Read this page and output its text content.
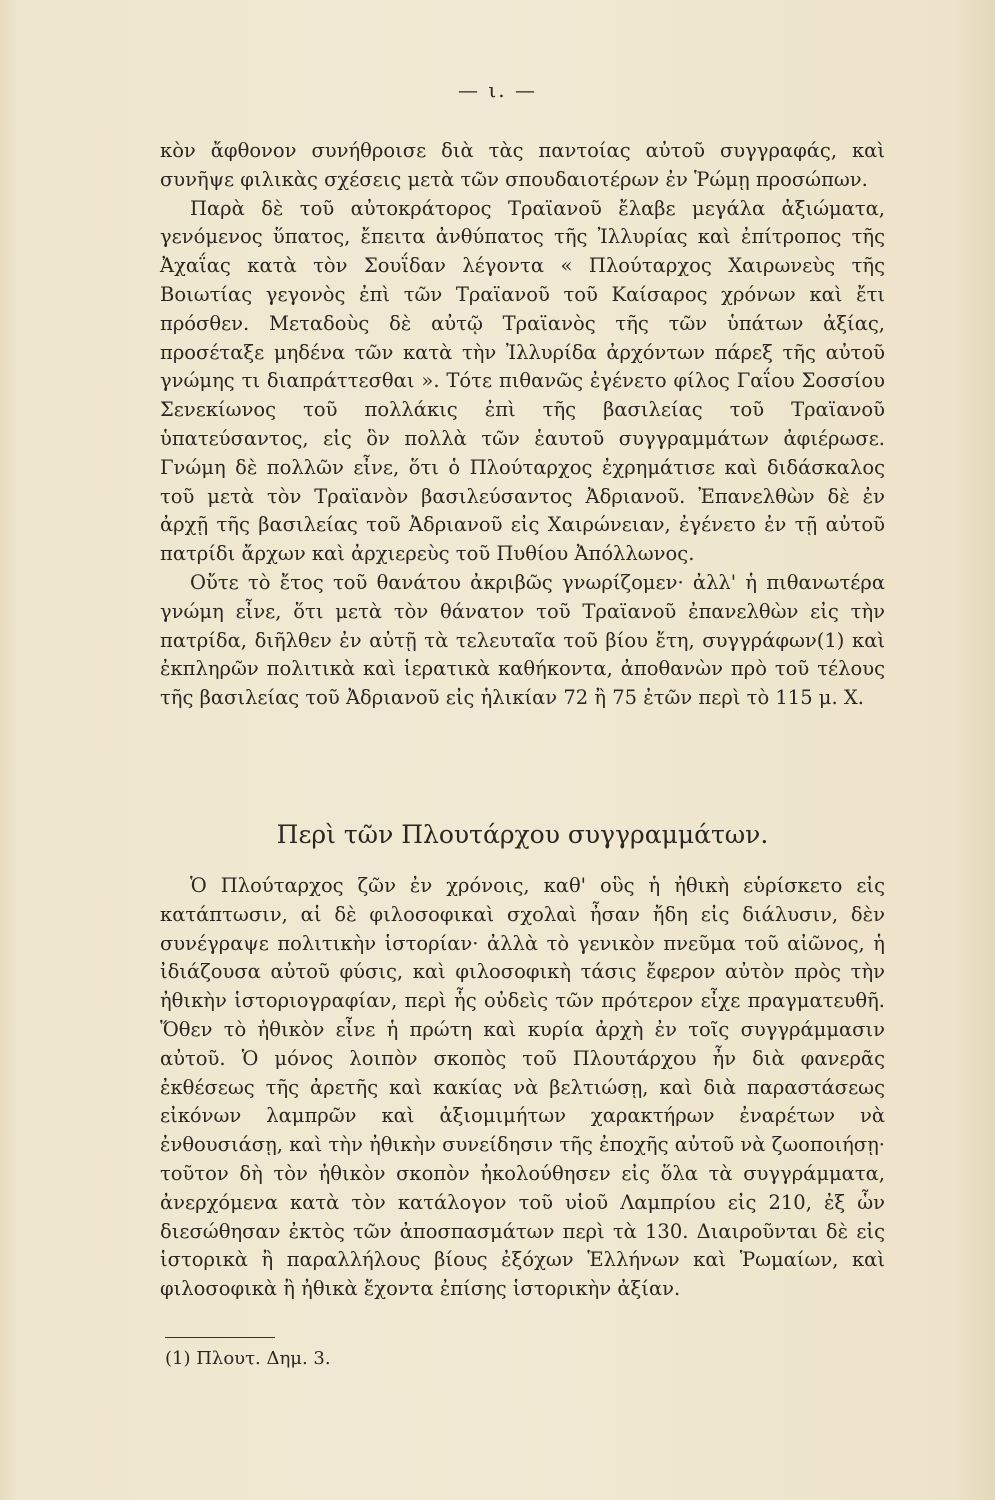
— ι. —

κὸν ἄφθονον συνήθροισε διὰ τὰς παντοίας αὐτοῦ συγγραφάς, καὶ συνῆψε φιλικὰς σχέσεις μετὰ τῶν σπουδαιοτέρων ἐν Ῥώμῃ προσώπων.

Παρὰ δὲ τοῦ αὐτοκράτορος Τραϊανοῦ ἔλαβε μεγάλα ἀξιώματα, γενόμενος ὕπατος, ἔπειτα ἀνθύπατος τῆς Ἰλλυρίας καὶ ἐπίτροπος τῆς Ἀχαΐας κατὰ τὸν Σουΐδαν λέγοντα « Πλούταρχος Χαιρωνεὺς τῆς Βοιωτίας γεγονὸς ἐπὶ τῶν Τραϊανοῦ τοῦ Καίσαρος χρόνων καὶ ἔτι πρόσθεν. Μεταδοὺς δὲ αὐτῷ Τραϊανὸς τῆς τῶν ὑπάτων ἀξίας, προσέταξε μηδένα τῶν κατὰ τὴν Ἰλλυρίδα ἀρχόντων πάρεξ τῆς αὐτοῦ γνώμης τι διαπράττεσθαι ». Τότε πιθανῶς ἐγένετο φίλος Γαΐου Σοσσίου Σενεκίωνος τοῦ πολλάκις ἐπὶ τῆς βασιλείας τοῦ Τραϊανοῦ ὑπατεύσαντος, εἰς ὃν πολλὰ τῶν ἑαυτοῦ συγγραμμάτων ἀφιέρωσε. Γνώμη δὲ πολλῶν εἶνε, ὅτι ὁ Πλούταρχος ἐχρημάτισε καὶ διδάσκαλος τοῦ μετὰ τὸν Τραϊανὸν βασιλεύσαντος Ἀδριανοῦ. Ἐπανελθὼν δὲ ἐν ἀρχῇ τῆς βασιλείας τοῦ Ἀδριανοῦ εἰς Χαιρώνειαν, ἐγένετο ἐν τῇ αὐτοῦ πατρίδι ἄρχων καὶ ἀρχιερεὺς τοῦ Πυθίου Ἀπόλλωνος.

Οὔτε τὸ ἔτος τοῦ θανάτου ἀκριβῶς γνωρίζομεν· ἀλλ' ἡ πιθανωτέρα γνώμη εἶνε, ὅτι μετὰ τὸν θάνατον τοῦ Τραϊανοῦ ἐπανελθὼν εἰς τὴν πατρίδα, διῆλθεν ἐν αὐτῇ τὰ τελευταῖα τοῦ βίου ἔτη, συγγράφων(1) καὶ ἐκπληρῶν πολιτικὰ καὶ ἱερατικὰ καθήκοντα, ἀποθανὼν πρὸ τοῦ τέλους τῆς βασιλείας τοῦ Ἀδριανοῦ εἰς ἡλικίαν 72 ἢ 75 ἐτῶν περὶ τὸ 115 μ. Χ.

Περὶ τῶν Πλουτάρχου συγγραμμάτων.

Ὁ Πλούταρχος ζῶν ἐν χρόνοις, καθ' οὓς ἡ ἠθικὴ εὑρίσκετο εἰς κατάπτωσιν, αἱ δὲ φιλοσοφικαὶ σχολαὶ ἦσαν ἤδη εἰς διάλυσιν, δὲν συνέγραψε πολιτικὴν ἱστορίαν· ἀλλὰ τὸ γενικὸν πνεῦμα τοῦ αἰῶνος, ἡ ἰδιάζουσα αὐτοῦ φύσις, καὶ φιλοσοφικὴ τάσις ἔφερον αὐτὸν πρὸς τὴν ἠθικὴν ἱστοριογραφίαν, περὶ ἧς οὐδεὶς τῶν πρότερον εἶχε πραγματευθῆ. Ὅθεν τὸ ἠθικὸν εἶνε ἡ πρώτη καὶ κυρία ἀρχὴ ἐν τοῖς συγγράμμασιν αὐτοῦ. Ὁ μόνος λοιπὸν σκοπὸς τοῦ Πλουτάρχου ἦν διὰ φανερᾶς ἐκθέσεως τῆς ἀρετῆς καὶ κακίας νὰ βελτιώσῃ, καὶ διὰ παραστάσεως εἰκόνων λαμπρῶν καὶ ἀξιομιμήτων χαρακτήρων ἐναρέτων νὰ ἐνθουσιάσῃ, καὶ τὴν ἠθικὴν συνείδησιν τῆς ἐποχῆς αὐτοῦ νὰ ζωοποιήσῃ· τοῦτον δὴ τὸν ἠθικὸν σκοπὸν ἠκολούθησεν εἰς ὅλα τὰ συγγράμματα, ἀνερχόμενα κατὰ τὸν κατάλογον τοῦ υἱοῦ Λαμπρίου εἰς 210, ἐξ ὧν διεσώθησαν ἐκτὸς τῶν ἀποσπασμάτων περὶ τὰ 130. Διαιροῦνται δὲ εἰς ἱστορικὰ ἢ παραλλήλους βίους ἐξόχων Ἑλλήνων καὶ Ῥωμαίων, καὶ φιλοσοφικὰ ἢ ἠθικὰ ἔχοντα ἐπίσης ἱστορικὴν ἀξίαν.

(1) Πλουτ. Δημ. 3.
